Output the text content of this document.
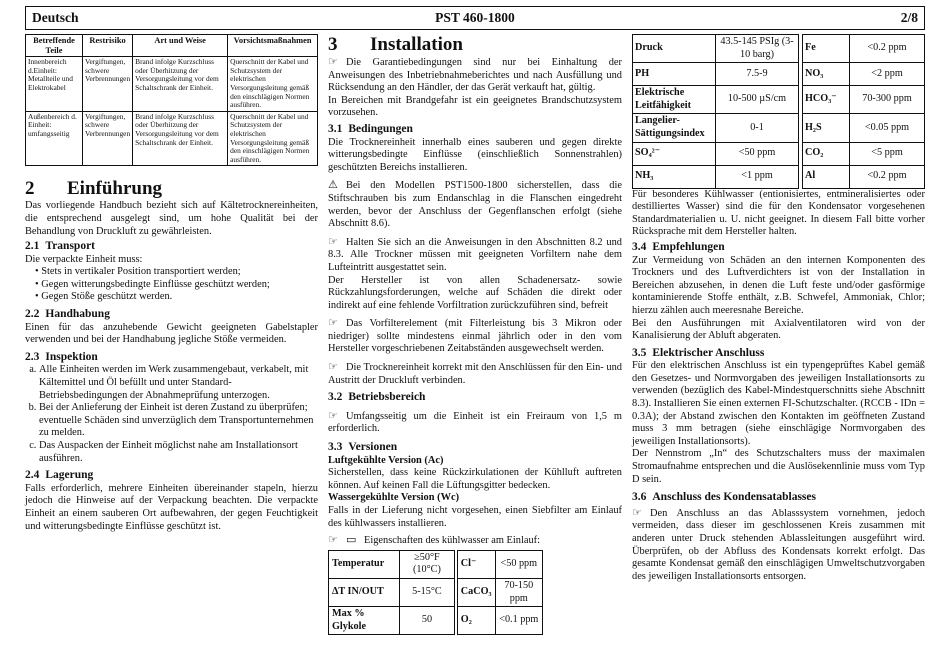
Deutsch	PST 460-1800	2/8
Betreffende Teile	Restrisiko	Art und Weise	Vorsichtsmaßnahmen
Innenbereich d.Einheit: Metallteile und Elektrokabel	Vergiftungen, schwere Verbrennungen	Brand infolge Kurzschluss oder Überhitzung der Versorgungsleitung vor dem Schaltschrank der Einheit.	Querschnitt der Kabel und Schutzsystem der elektrischen Versorgungsleitung gemäß den einschlägigen Normen ausführen.
Außenbereich d. Einheit: umfangsseitig	Vergiftungen, schwere Verbrennungen	Brand infolge Kurzschluss oder Überhitzung der Versorgungsleitung vor dem Schaltschrank der Einheit.	Querschnitt der Kabel und Schutzsystem der elektrischen Versorgungsleitung gemäß den einschlägigen Normen ausführen.
2 Einführung

Das vorliegende Handbuch bezieht sich auf Kältetrocknereinheiten, die entsprechend ausgelegt sind, um hohe Qualität bei der Behandlung von Druckluft zu gewährleisten.

2.1 Transport

Die verpackte Einheit muss:

• Stets in vertikaler Position transportiert werden;
• Gegen witterungsbedingte Einflüsse geschützt werden;
• Gegen Stöße geschützt werden.
2.2 Handhabung

Einen für das anzuhebende Gewicht geeigneten Gabelstapler verwenden und bei der Handhabung jegliche Stöße vermeiden.

2.3 Inspektion
a. Alle Einheiten werden im Werk zusammengebaut, verkabelt, mit Kältemittel und Öl befüllt und unter Standard-Betriebsbedingungen der Abnahmeprüfung unterzogen.
b. Bei der Anlieferung der Einheit ist deren Zustand zu überprüfen; eventuelle Schäden sind unverzüglich dem Transportunternehmen zu melden.
c. Das Auspacken der Einheit möglichst nahe am Installationsort ausführen.
2.4 Lagerung

Falls erforderlich, mehrere Einheiten übereinander stapeln, hierzu jedoch die Hinweise auf der Verpackung beachten. Die verpackte Einheit an einem sauberen Ort aufbewahren, der gegen Feuchtigkeit und witterungsbedingte Einflüsse geschützt ist.

3 Installation

☞ Die Garantiebedingungen sind nur bei Einhaltung der Anweisungen des Inbetriebnahmeberichtes und nach Ausfüllung und Rücksendung an den Händler, der das Gerät verkauft hat, gültig.

In Bereichen mit Brandgefahr ist ein geeignetes Brandschutzsystem vorzusehen.

3.1 Bedingungen

Die Trocknereinheit innerhalb eines sauberen und gegen direkte witterungsbedingte Einflüsse (einschließlich Sonnenstrahlen) geschützten Bereichs installieren.

⚠ Bei den Modellen PST1500-1800 sicherstellen, dass die Stiftschrauben bis zum Endanschlag in die Flanschen eingedreht werden, bevor der Anschluss der Gegenflanschen erfolgt (siehe Abschnitt 8.6).

☞ Halten Sie sich an die Anweisungen in den Abschnitten 8.2 und 8.3. Alle Trockner müssen mit geeigneten Vorfiltern nahe dem Lufteintritt ausgestattet sein.

Der Hersteller ist von allen Schadenersatz- sowie Rückzahlungsforderungen, welche auf Schäden die direkt oder indirekt auf eine fehlende Vorfiltration zurückzuführen sind, befreit

☞ Das Vorfilterelement (mit Filterleistung bis 3 Mikron oder niedriger) sollte mindestens einmal jährlich oder in den vom Hersteller vorgeschriebenen Zeitabständen ausgewechselt werden.

☞ Die Trocknereinheit korrekt mit den Anschlüssen für den Ein- und Austritt der Druckluft verbinden.

3.2 Betriebsbereich

☞ Umfangsseitig um die Einheit ist ein Freiraum von 1,5 m erforderlich.

3.3 Versionen
Luftgekühlte Version (Ac)

Sicherstellen, dass keine Rückzirkulationen der Kühlluft auftreten können. Auf keinen Fall die Lüftungsgitter bedecken.

Wassergekühlte Version (Wc)

Falls in der Lieferung nicht vorgesehen, einen Siebfilter am Einlauf des kühlwassers installieren.

☞ ▭ Eigenschaften des kühlwasser am Einlauf:

Temperatur	≥50°F (10°C)		Cl⁻	<50 ppm
ΔT IN/OUT	5-15°C		CaCO₃	70-150 ppm
Max % Glykole	50		O₂	<0.1 ppm
Druck	43.5-145 PSIg (3-10 barg)		Fe	<0.2 ppm
PH	7.5-9		NO₃	<2 ppm
Elektrische Leitfähigkeit	10-500 µS/cm		HCO₃⁻	70-300 ppm
Langelier-Sättigungsindex	0-1		H₂S	<0.05 ppm
SO₄²⁻	<50 ppm		CO₂	<5 ppm
NH₃	<1 ppm		Al	<0.2 ppm

Für besonderes Kühlwasser (entionisiertes, entmineralisiertes oder destilliertes Wasser) sind die für den Kondensator vorgesehenen Standardmaterialien u. U. nicht geeignet. In diesem Fall bitte vorher Rücksprache mit dem Hersteller halten.

3.4 Empfehlungen

Zur Vermeidung von Schäden an den internen Komponenten des Trockners und des Luftverdichters ist von der Installation in Bereichen abzusehen, in denen die Luft feste und/oder gasförmige kontaminierende Stoffe enthält, z.B. Schwefel, Ammoniak, Chlor; hierzu zählen auch meeresnahe Bereiche.

Bei den Ausführungen mit Axialventilatoren wird von der Kanalisierung der Abluft abgeraten.

3.5 Elektrischer Anschluss

Für den elektrischen Anschluss ist ein typengeprüftes Kabel gemäß den Gesetzes- und Normvorgaben des jeweiligen Installationsorts zu verwenden (bezüglich des Kabel-Mindestquerschnitts siehe Abschnitt 8.3). Installieren Sie einen externen FI-Schutzschalter. (RCCB - IDn = 0.3A); der Abstand zwischen den Kontakten im geöffneten Zustand muss 3 mm betragen (siehe einschlägige Normvorgaben des jeweiligen Installationsorts).

Der Nennstrom „In“ des Schutzschalters muss der maximalen Stromaufnahme entsprechen und die Auslösekennlinie muss vom Typ D sein.

3.6 Anschluss des Kondensatablasses

☞ Den Anschluss an das Ablasssystem vornehmen, jedoch vermeiden, dass dieser im geschlossenen Kreis zusammen mit anderen unter Druck stehenden Ablassleitungen ausgeführt wird. Überprüfen, ob der Abfluss des Kondensats korrekt erfolgt. Das gesamte Kondensat gemäß den einschlägigen Umweltschutzvorgaben des jeweiligen Installationsorts entsorgen.
